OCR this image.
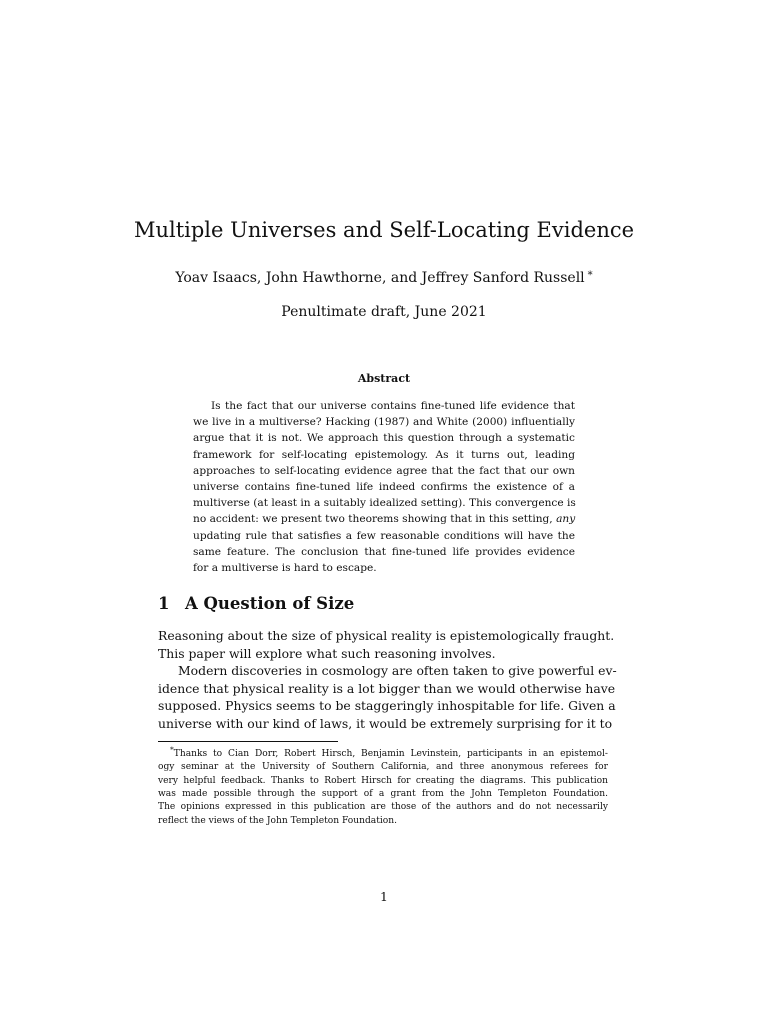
Multiple Universes and Self-Locating Evidence
Yoav Isaacs, John Hawthorne, and Jeffrey Sanford Russell *
Penultimate draft, June 2021
Abstract
Is the fact that our universe contains fine-tuned life evidence that
we live in a multiverse? Hacking (1987) and White (2000) influentially
argue that it is not. We approach this question through a systematic
framework for self-locating epistemology. As it turns out, leading
approaches to self-locating evidence agree that the fact that our own
universe contains fine-tuned life indeed confirms the existence of a
multiverse (at least in a suitably idealized setting). This convergence is
no accident: we present two theorems showing that in this setting, any
updating rule that satisfies a few reasonable conditions will have the
same feature. The conclusion that fine-tuned life provides evidence
for a multiverse is hard to escape.
1 A Question of Size
Reasoning about the size of physical reality is epistemologically fraught.
This paper will explore what such reasoning involves.
Modern discoveries in cosmology are often taken to give powerful ev-
idence that physical reality is a lot bigger than we would otherwise have
supposed. Physics seems to be staggeringly inhospitable for life. Given a
universe with our kind of laws, it would be extremely surprising for it to
*Thanks to Cian Dorr, Robert Hirsch, Benjamin Levinstein, participants in an epistemol-
ogy seminar at the University of Southern California, and three anonymous referees for
very helpful feedback. Thanks to Robert Hirsch for creating the diagrams. This publication
was made possible through the support of a grant from the John Templeton Foundation.
The opinions expressed in this publication are those of the authors and do not necessarily
reflect the views of the John Templeton Foundation.
1
